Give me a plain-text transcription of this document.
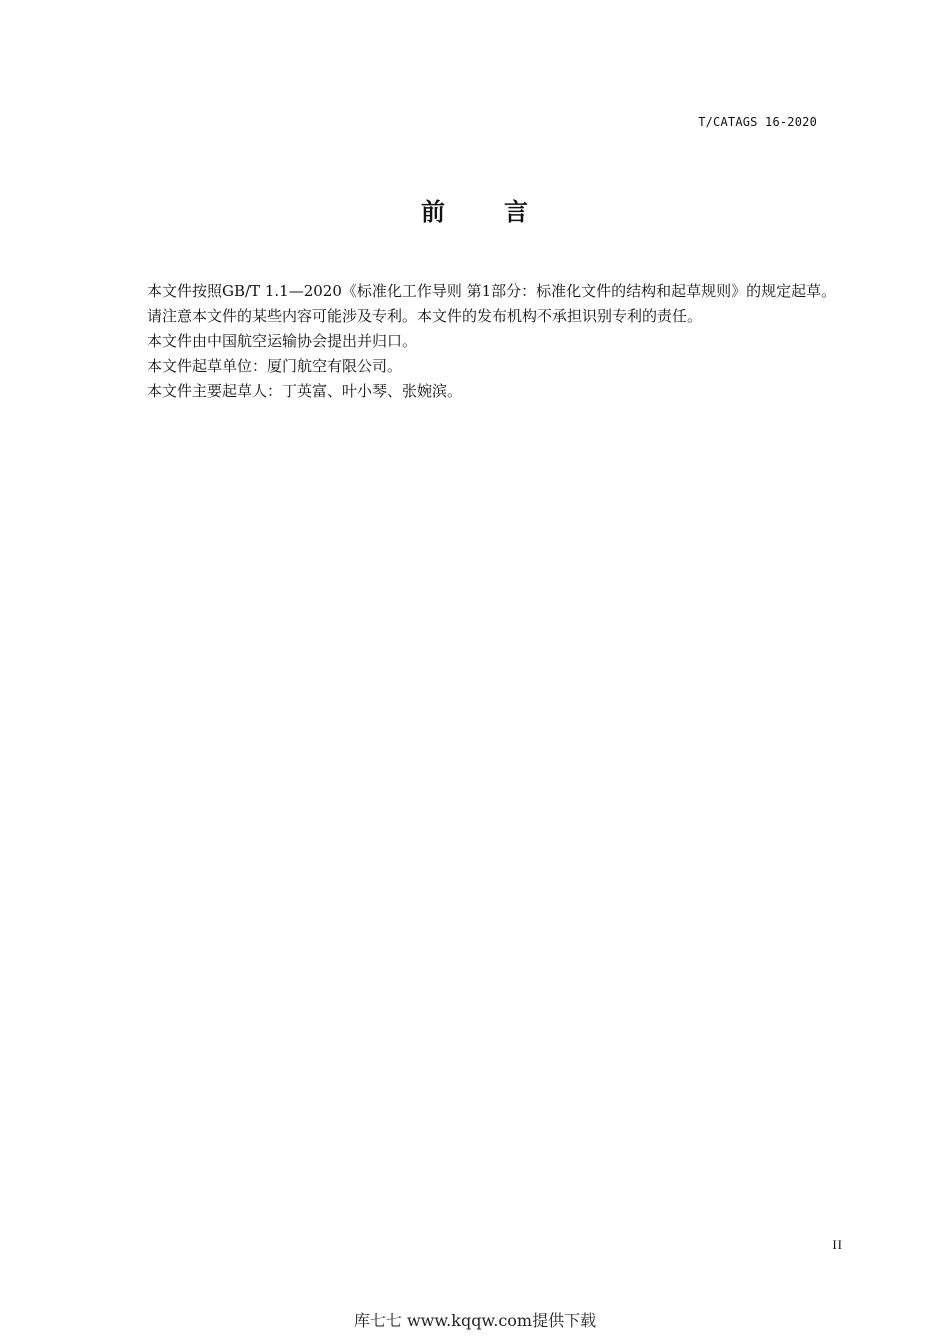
T/CATAGS 16-2020
前 言

本文件按照GB/T 1.1—2020《标准化工作导则 第1部分：标准化文件的结构和起草规则》的规定起草。

请注意本文件的某些内容可能涉及专利。本文件的发布机构不承担识别专利的责任。

本文件由中国航空运输协会提出并归口。

本文件起草单位：厦门航空有限公司。

本文件主要起草人：丁英富、叶小琴、张婉滨。

II
库七七 www.kqqw.com提供下载
